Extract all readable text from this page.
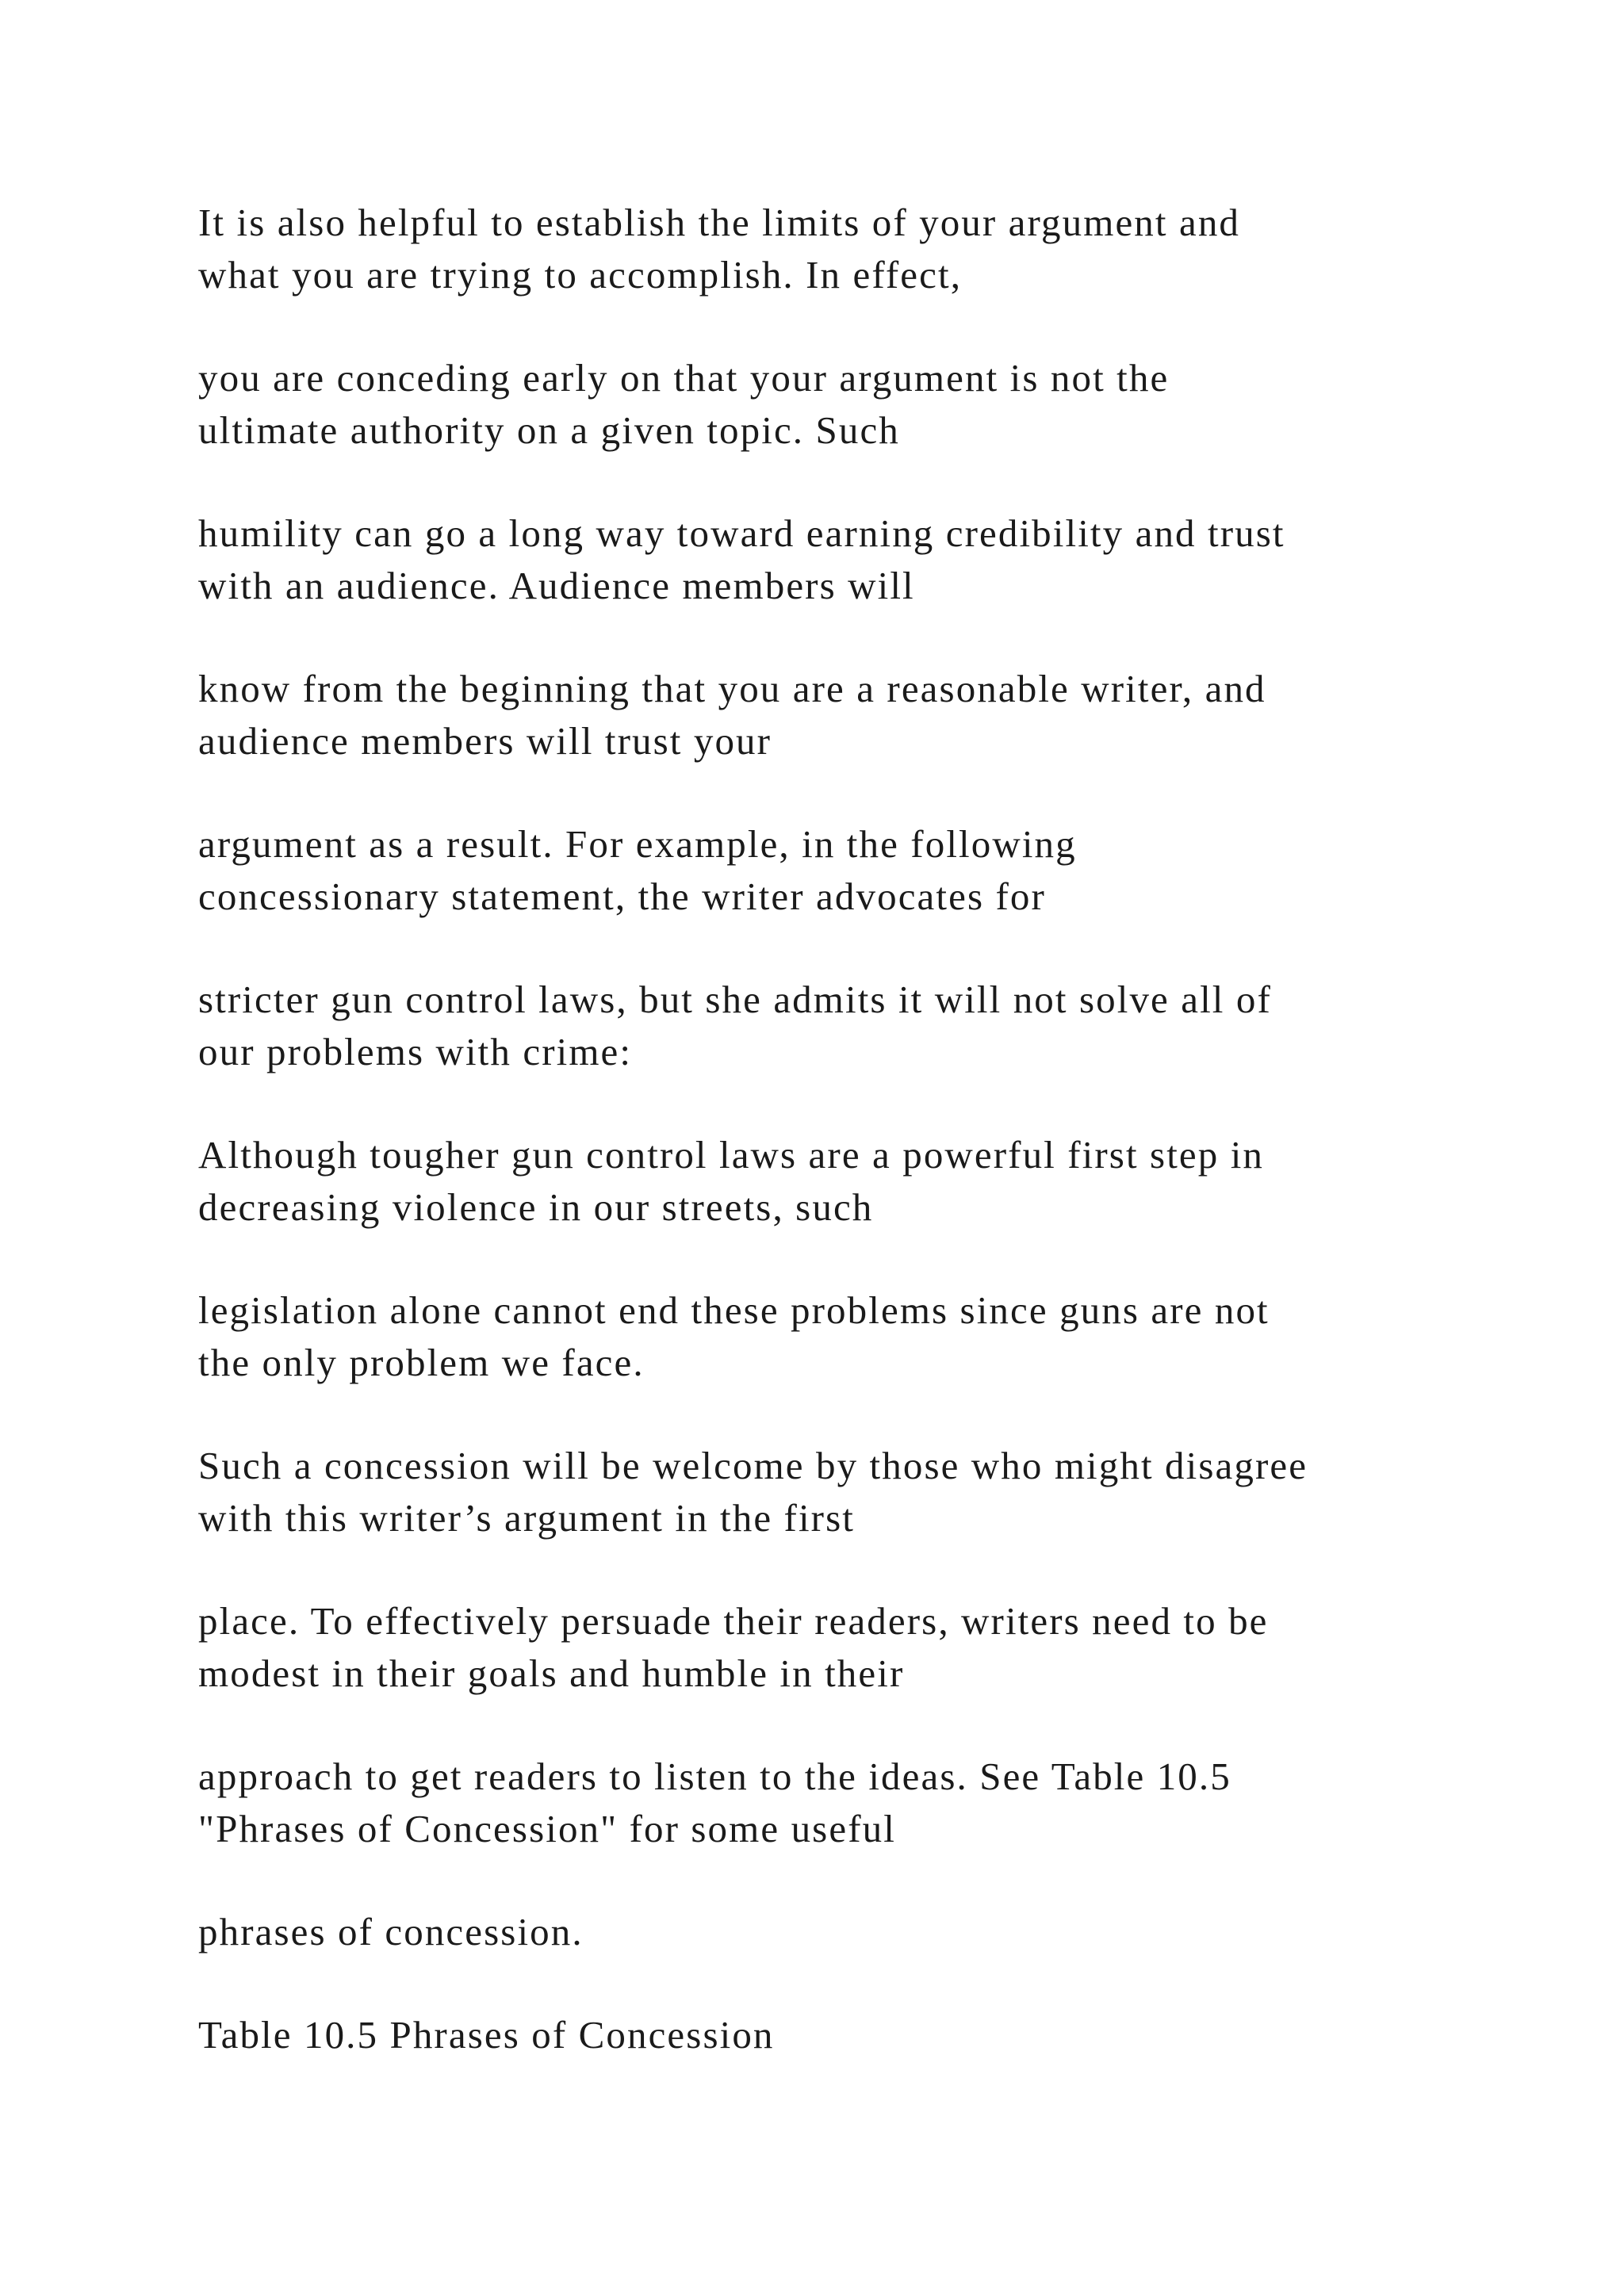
It is also helpful to establish the limits of your argument and
what you are trying to accomplish. In effect,

you are conceding early on that your argument is not the
ultimate authority on a given topic. Such

humility can go a long way toward earning credibility and trust
with an audience. Audience members will

know from the beginning that you are a reasonable writer, and
audience members will trust your

argument as a result. For example, in the following
concessionary statement, the writer advocates for

stricter gun control laws, but she admits it will not solve all of
our problems with crime:

Although tougher gun control laws are a powerful first step in
decreasing violence in our streets, such

legislation alone cannot end these problems since guns are not
the only problem we face.

Such a concession will be welcome by those who might disagree
with this writer’s argument in the first

place. To effectively persuade their readers, writers need to be
modest in their goals and humble in their

approach to get readers to listen to the ideas. See Table 10.5
"Phrases of Concession" for some useful

phrases of concession.

Table 10.5 Phrases of Concession
